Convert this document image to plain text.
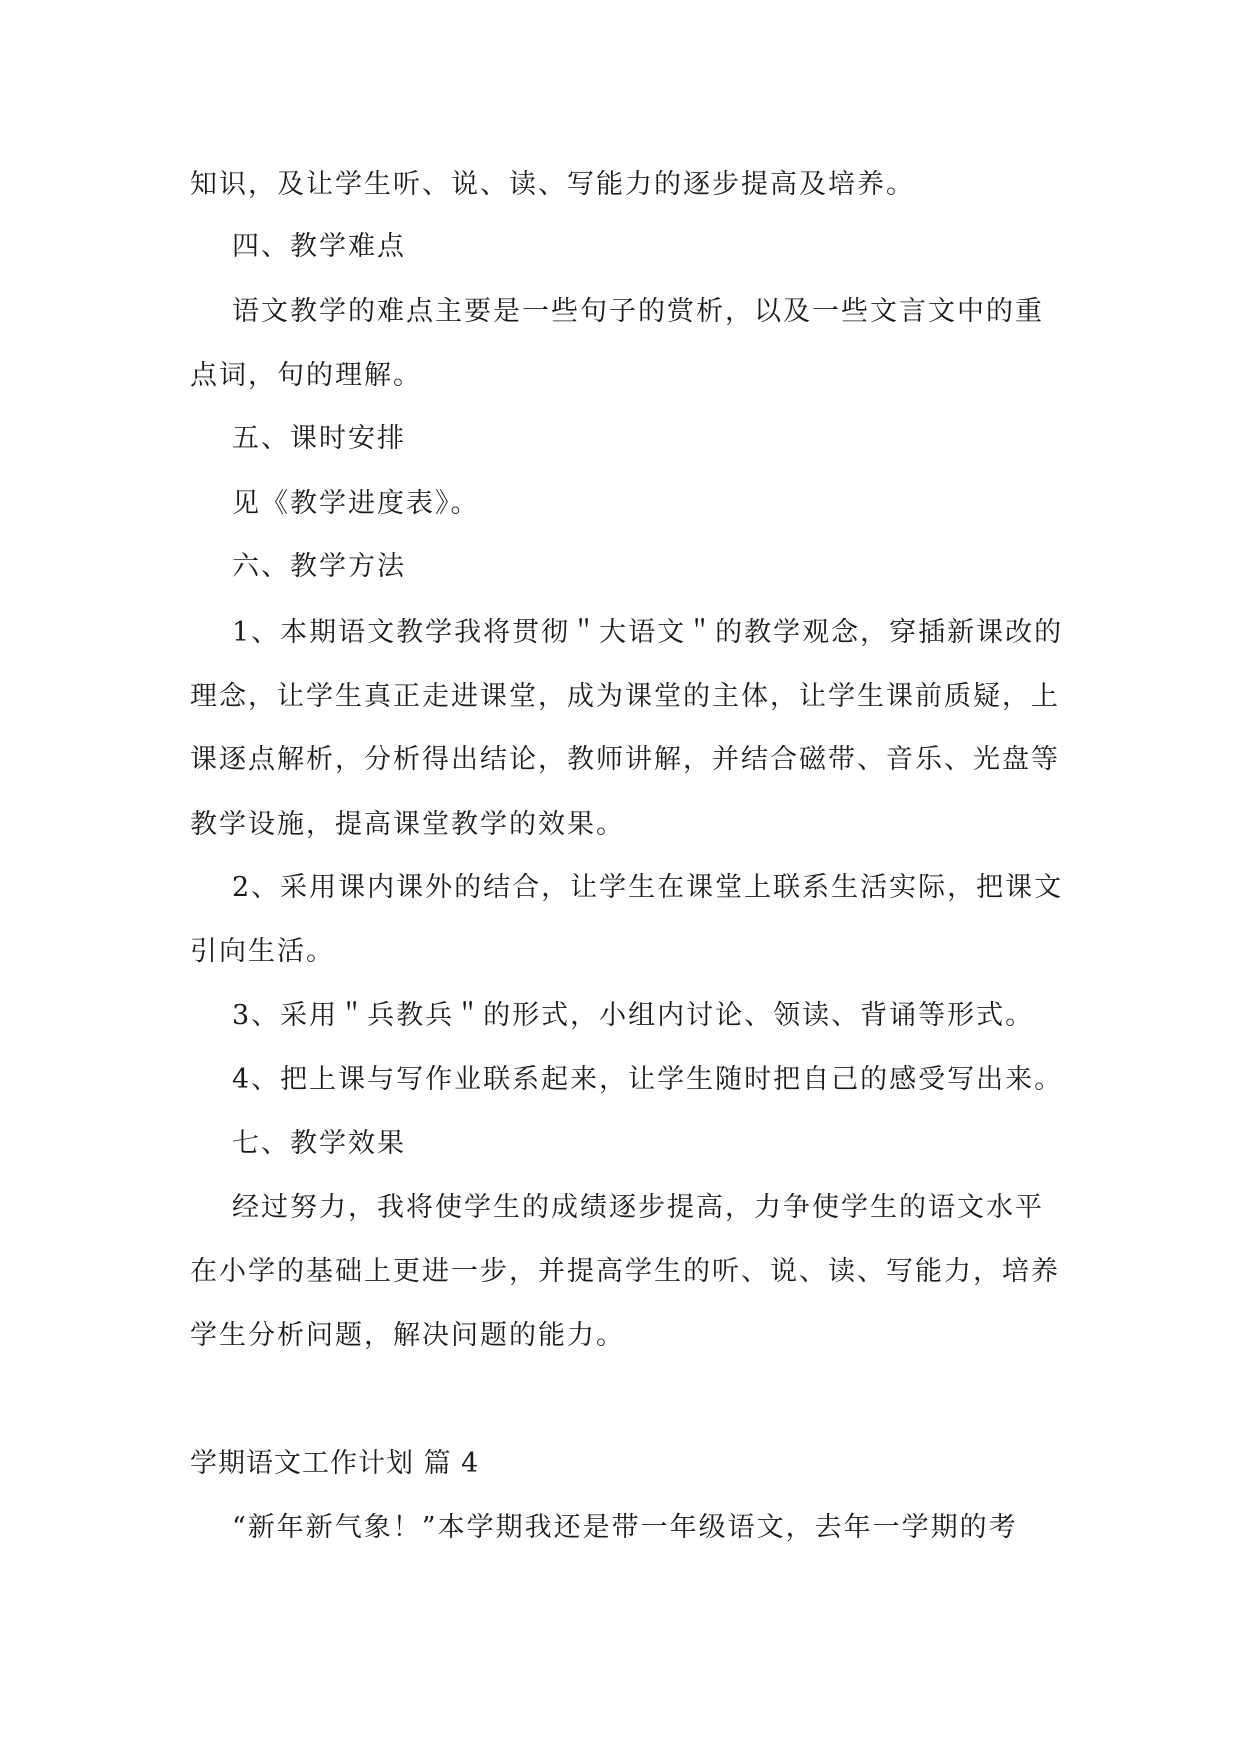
知识，及让学生听、说、读、写能力的逐步提高及培养。
四、教学难点
语文教学的难点主要是一些句子的赏析，以及一些文言文中的重
点词，句的理解。
五、课时安排
见《教学进度表》。
六、教学方法
1、本期语文教学我将贯彻＂大语文＂的教学观念，穿插新课改的
理念，让学生真正走进课堂，成为课堂的主体，让学生课前质疑，上
课逐点解析，分析得出结论，教师讲解，并结合磁带、音乐、光盘等
教学设施，提高课堂教学的效果。
2、采用课内课外的结合，让学生在课堂上联系生活实际，把课文
引向生活。
3、采用＂兵教兵＂的形式，小组内讨论、领读、背诵等形式。
4、把上课与写作业联系起来，让学生随时把自己的感受写出来。
七、教学效果
经过努力，我将使学生的成绩逐步提高，力争使学生的语文水平
在小学的基础上更进一步，并提高学生的听、说、读、写能力，培养
学生分析问题，解决问题的能力。
学期语文工作计划 篇 4
“新年新气象！”本学期我还是带一年级语文，去年一学期的考
